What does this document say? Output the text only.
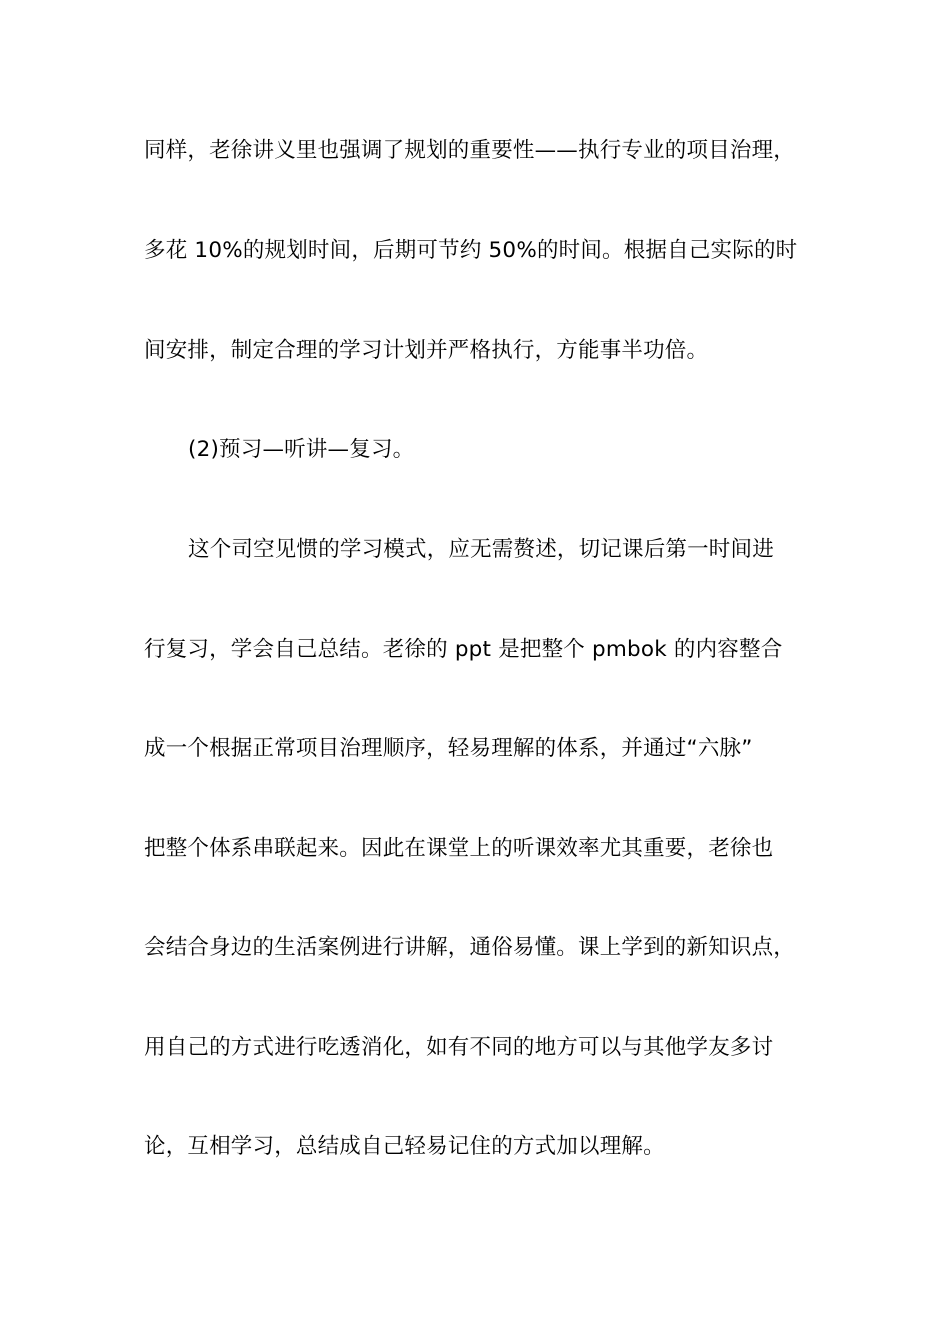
同样，老徐讲义里也强调了规划的重要性——执行专业的项目治理，
多花 10%的规划时间，后期可节约 50%的时间。根据自己实际的时
间安排，制定合理的学习计划并严格执行，方能事半功倍。
(2)预习—听讲—复习。
这个司空见惯的学习模式，应无需赘述，切记课后第一时间进
行复习，学会自己总结。老徐的 ppt 是把整个 pmbok 的内容整合
成一个根据正常项目治理顺序，轻易理解的体系，并通过“六脉”
把整个体系串联起来。因此在课堂上的听课效率尤其重要，老徐也
会结合身边的生活案例进行讲解，通俗易懂。课上学到的新知识点，
用自己的方式进行吃透消化，如有不同的地方可以与其他学友多讨
论，互相学习，总结成自己轻易记住的方式加以理解。
